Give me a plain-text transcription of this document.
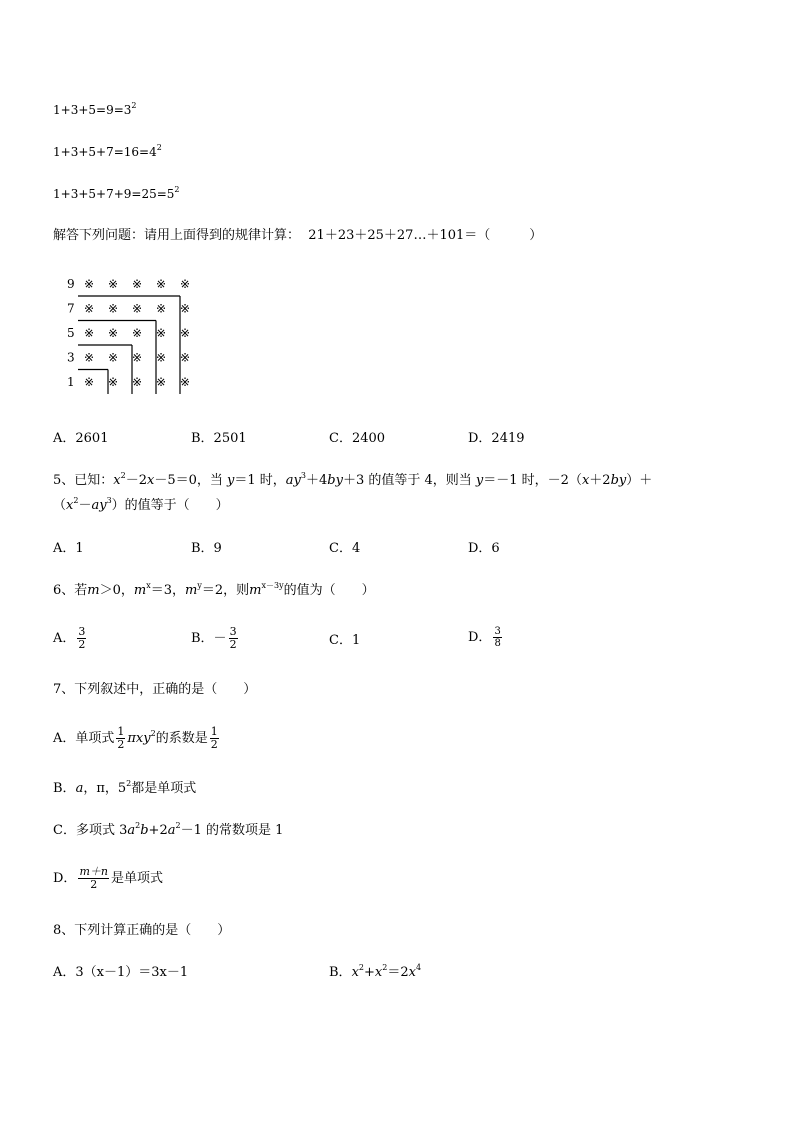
$1+3+5=9=3^2$
$1+3+5+7=16=4^2$
$1+3+5+7+9=25=5^2$
解答下列问题：请用上面得到的规律计算： 21＋23＋25＋27…＋101＝（　　　）
9 ※ ※ ※ ※ ※
7 ※ ※ ※ ※ ※
5 ※ ※ ※ ※ ※
3 ※ ※ ※ ※ ※
1 ※ ※ ※ ※ ※
A．2601	B．2501	C．2400	D．2419
5、已知：$x^2-2x-5=0$，当 y＝1 时，$ay^3+4by+3$ 的值等于 4，则当 y＝－1 时，－2（x＋2by）＋
$(x^2-ay^3)$的值等于（　　）
A．1	B．9	C．4	D．6
6、若m＞0，$m^x=3$，$m^y=2$，则$m^{x-3y}$的值为（　　）
A． $\frac{3}{2}$	B．－ $\frac{3}{2}$	C．1	D． $\frac{3}{8}$
7、下列叙述中，正确的是（　　）
A．单项式 $\frac{1}{2} \pi xy^2$的系数是 $\frac{1}{2}$
B．a，π，$5^2$都是单项式
C．多项式 $3a^2b+2a^2-1$ 的常数项是 1
D． $\frac{m+n}{2}$ 是单项式
8、下列计算正确的是（　　）
A．3（x－1）＝3x－1	B．$x^2+x^2=2x^4$
